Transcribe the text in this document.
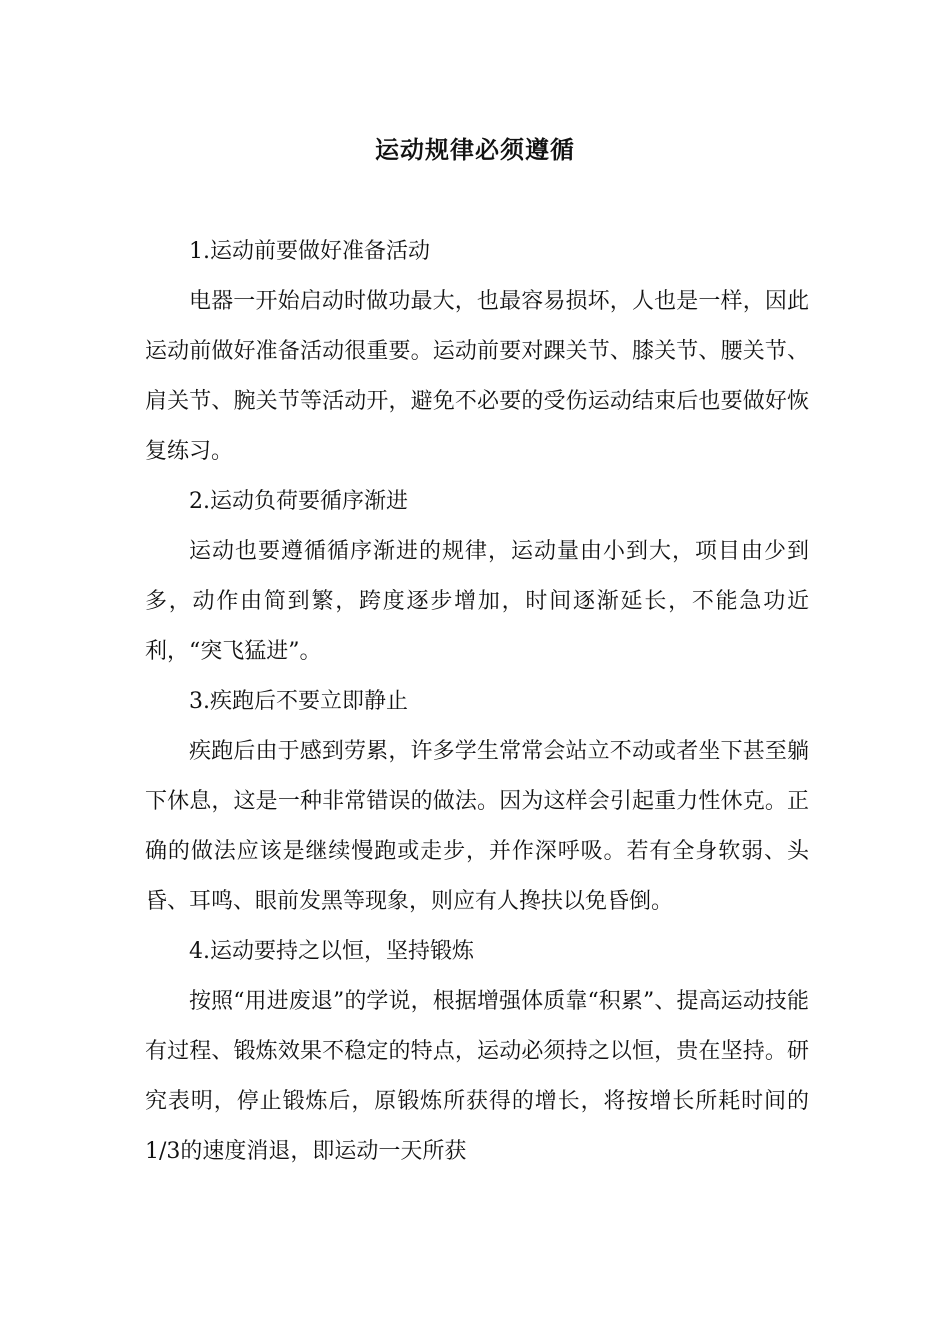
运动规律必须遵循

1.运动前要做好准备活动

电器一开始启动时做功最大，也最容易损坏，人也是一样，因此运动前做好准备活动很重要。运动前要对踝关节、膝关节、腰关节、肩关节、腕关节等活动开，避免不必要的受伤运动结束后也要做好恢复练习。

2.运动负荷要循序渐进

运动也要遵循循序渐进的规律，运动量由小到大，项目由少到多，动作由简到繁，跨度逐步增加，时间逐渐延长，不能急功近利，“突飞猛进”。

3.疾跑后不要立即静止

疾跑后由于感到劳累，许多学生常常会站立不动或者坐下甚至躺下休息，这是一种非常错误的做法。因为这样会引起重力性休克。正确的做法应该是继续慢跑或走步，并作深呼吸。若有全身软弱、头昏、耳鸣、眼前发黑等现象，则应有人搀扶以免昏倒。

4.运动要持之以恒，坚持锻炼

按照“用进废退”的学说，根据增强体质靠“积累”、提高运动技能有过程、锻炼效果不稳定的特点，运动必须持之以恒，贵在坚持。研究表明，停止锻炼后，原锻炼所获得的增长，将按增长所耗时间的1/3的速度消退，即运动一天所获
